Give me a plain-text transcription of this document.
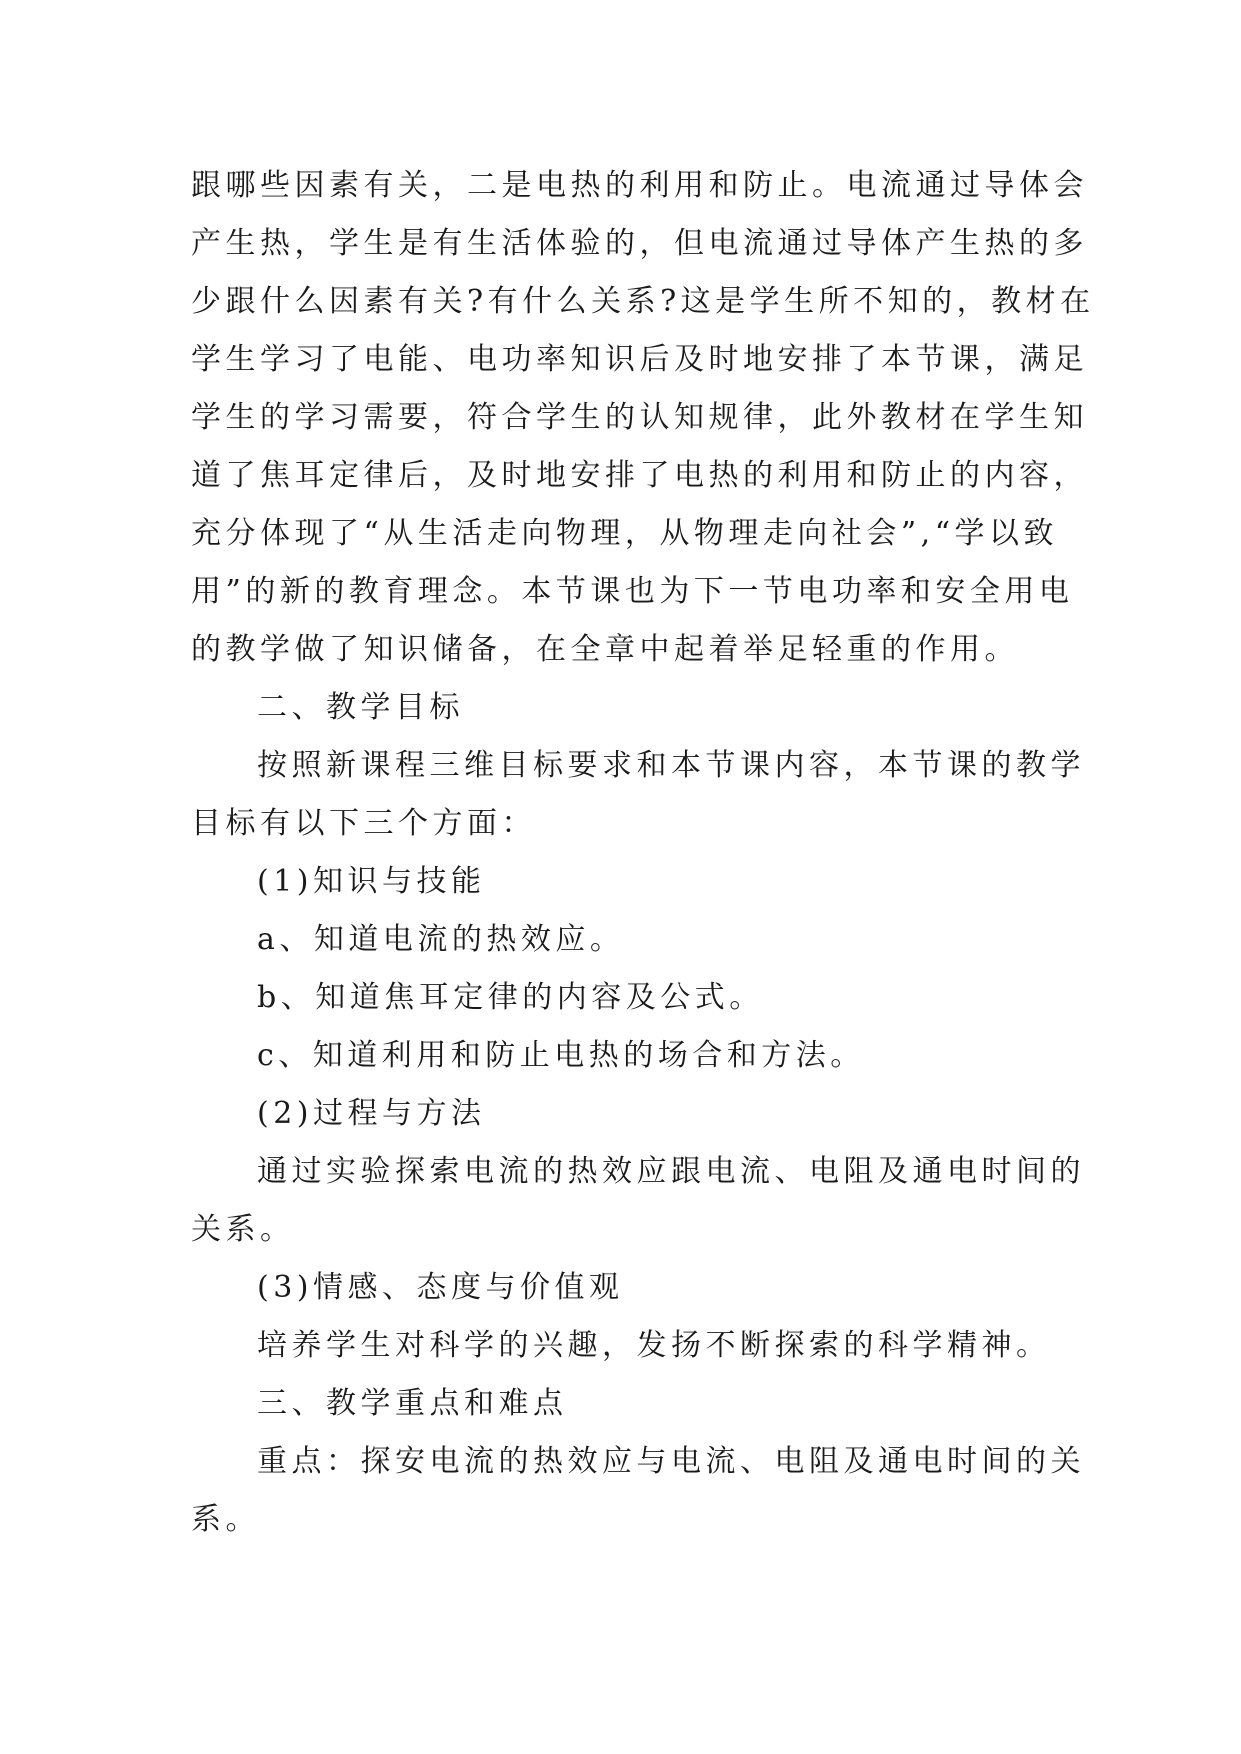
跟哪些因素有关，二是电热的利用和防止。电流通过导体会

产生热，学生是有生活体验的，但电流通过导体产生热的多

少跟什么因素有关?有什么关系?这是学生所不知的，教材在

学生学习了电能、电功率知识后及时地安排了本节课，满足

学生的学习需要，符合学生的认知规律，此外教材在学生知

道了焦耳定律后，及时地安排了电热的利用和防止的内容，

充分体现了“从生活走向物理，从物理走向社会”,“学以致

用”的新的教育理念。本节课也为下一节电功率和安全用电

的教学做了知识储备，在全章中起着举足轻重的作用。

二、教学目标

按照新课程三维目标要求和本节课内容，本节课的教学

目标有以下三个方面：

(1)知识与技能

a、知道电流的热效应。

b、知道焦耳定律的内容及公式。

c、知道利用和防止电热的场合和方法。

(2)过程与方法

通过实验探索电流的热效应跟电流、电阻及通电时间的

关系。

(3)情感、态度与价值观

培养学生对科学的兴趣，发扬不断探索的科学精神。

三、教学重点和难点

重点：探安电流的热效应与电流、电阻及通电时间的关

系。
